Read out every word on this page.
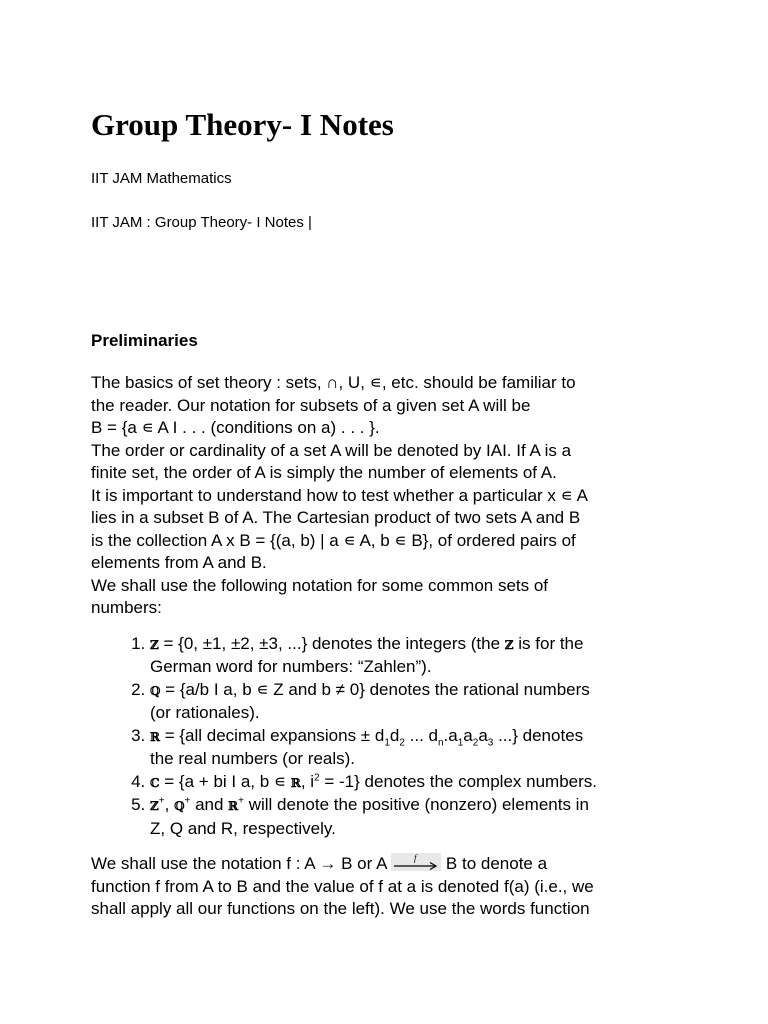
Group Theory- I Notes

IIT JAM Mathematics

IIT JAM : Group Theory- I Notes |

Preliminaries

The basics of set theory : sets, ∩, U, ∊, etc. should be familiar to
the reader. Our notation for subsets of a given set A will be
B = {a ∊ A I . . . (conditions on a) . . . }.
The order or cardinality of a set A will be denoted by IAI. If A is a
finite set, the order of A is simply the number of elements of A.
It is important to understand how to test whether a particular x ∊ A
lies in a subset B of A. The Cartesian product of two sets A and B
is the collection A x B = {(a, b) | a ∊ A, b ∊ B}, of ordered pairs of
elements from A and B.
We shall use the following notation for some common sets of
numbers:

1. ℤ = {0, ±1, ±2, ±3, ...} denotes the integers (the ℤ is for the
German word for numbers: “Zahlen”).
2. ℚ = {a/b I a, b ∊ Z and b ≠ 0} denotes the rational numbers
(or rationales).
3. ℝ = {all decimal expansions ± $d_1d_2$ ... $d_n.a_1a_2a_3$ ...} denotes
the real numbers (or reals).
4. ℂ = {a + bi I a, b ∊ ℝ, $i^2 = -1$} denotes the complex numbers.
5. ℤ+, ℚ+ and ℝ+ will denote the positive (nonzero) elements in
Z, Q and R, respectively.

We shall use the notation f : A → B or A	f B to denote a
function f from A to B and the value of f at a is denoted f(a) (i.e., we
shall apply all our functions on the left). We use the words function
